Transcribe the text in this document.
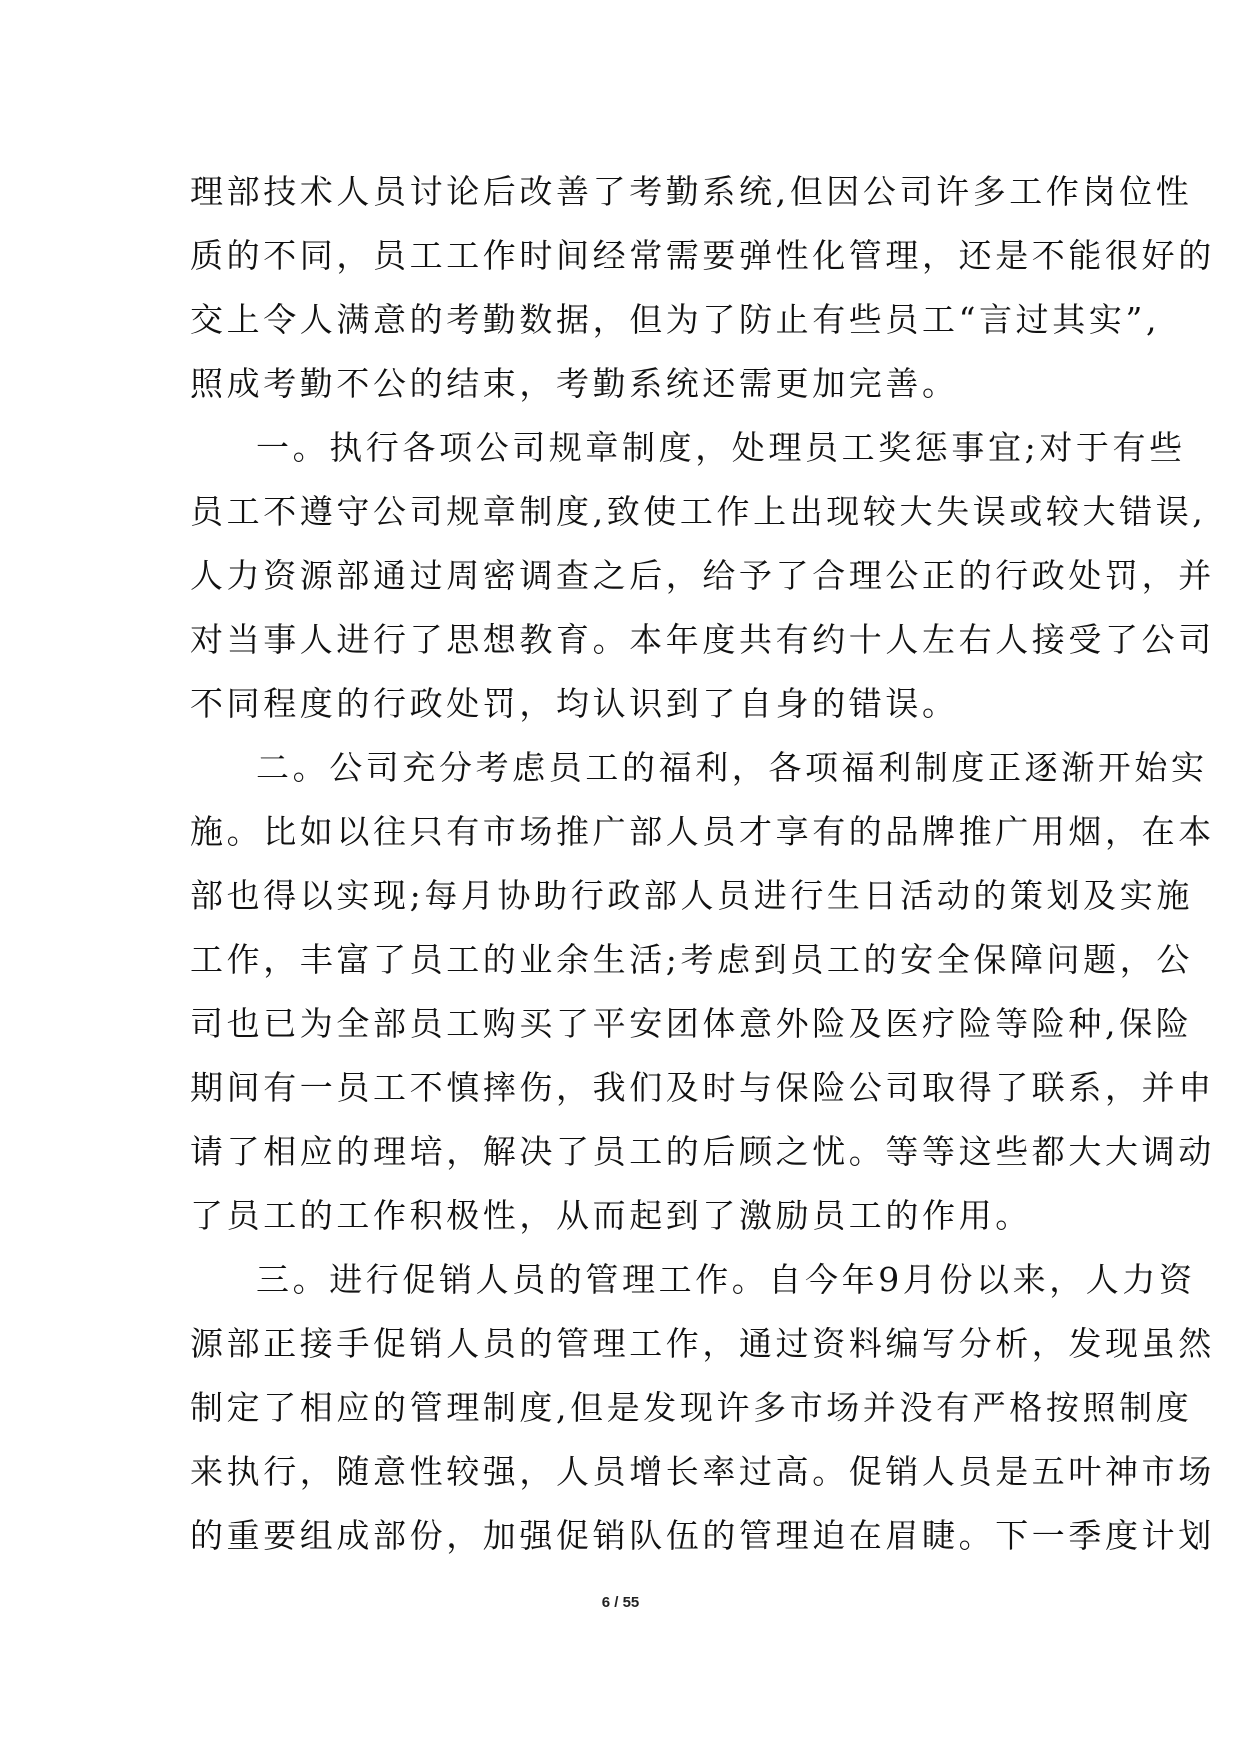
理部技术人员讨论后改善了考勤系统,但因公司许多工作岗位性
质的不同，员工工作时间经常需要弹性化管理，还是不能很好的
交上令人满意的考勤数据，但为了防止有些员工“言过其实”,
照成考勤不公的结束，考勤系统还需更加完善。
一。执行各项公司规章制度，处理员工奖惩事宜;对于有些
员工不遵守公司规章制度,致使工作上出现较大失误或较大错误,
人力资源部通过周密调查之后，给予了合理公正的行政处罚，并
对当事人进行了思想教育。本年度共有约十人左右人接受了公司
不同程度的行政处罚，均认识到了自身的错误。
二。公司充分考虑员工的福利，各项福利制度正逐渐开始实
施。比如以往只有市场推广部人员才享有的品牌推广用烟，在本
部也得以实现;每月协助行政部人员进行生日活动的策划及实施
工作，丰富了员工的业余生活;考虑到员工的安全保障问题，公
司也已为全部员工购买了平安团体意外险及医疗险等险种,保险
期间有一员工不慎摔伤，我们及时与保险公司取得了联系，并申
请了相应的理培，解决了员工的后顾之忧。等等这些都大大调动
了员工的工作积极性，从而起到了激励员工的作用。
三。进行促销人员的管理工作。自今年9月份以来，人力资
源部正接手促销人员的管理工作，通过资料编写分析，发现虽然
制定了相应的管理制度,但是发现许多市场并没有严格按照制度
来执行，随意性较强，人员增长率过高。促销人员是五叶神市场
的重要组成部份，加强促销队伍的管理迫在眉睫。下一季度计划
6 / 55
